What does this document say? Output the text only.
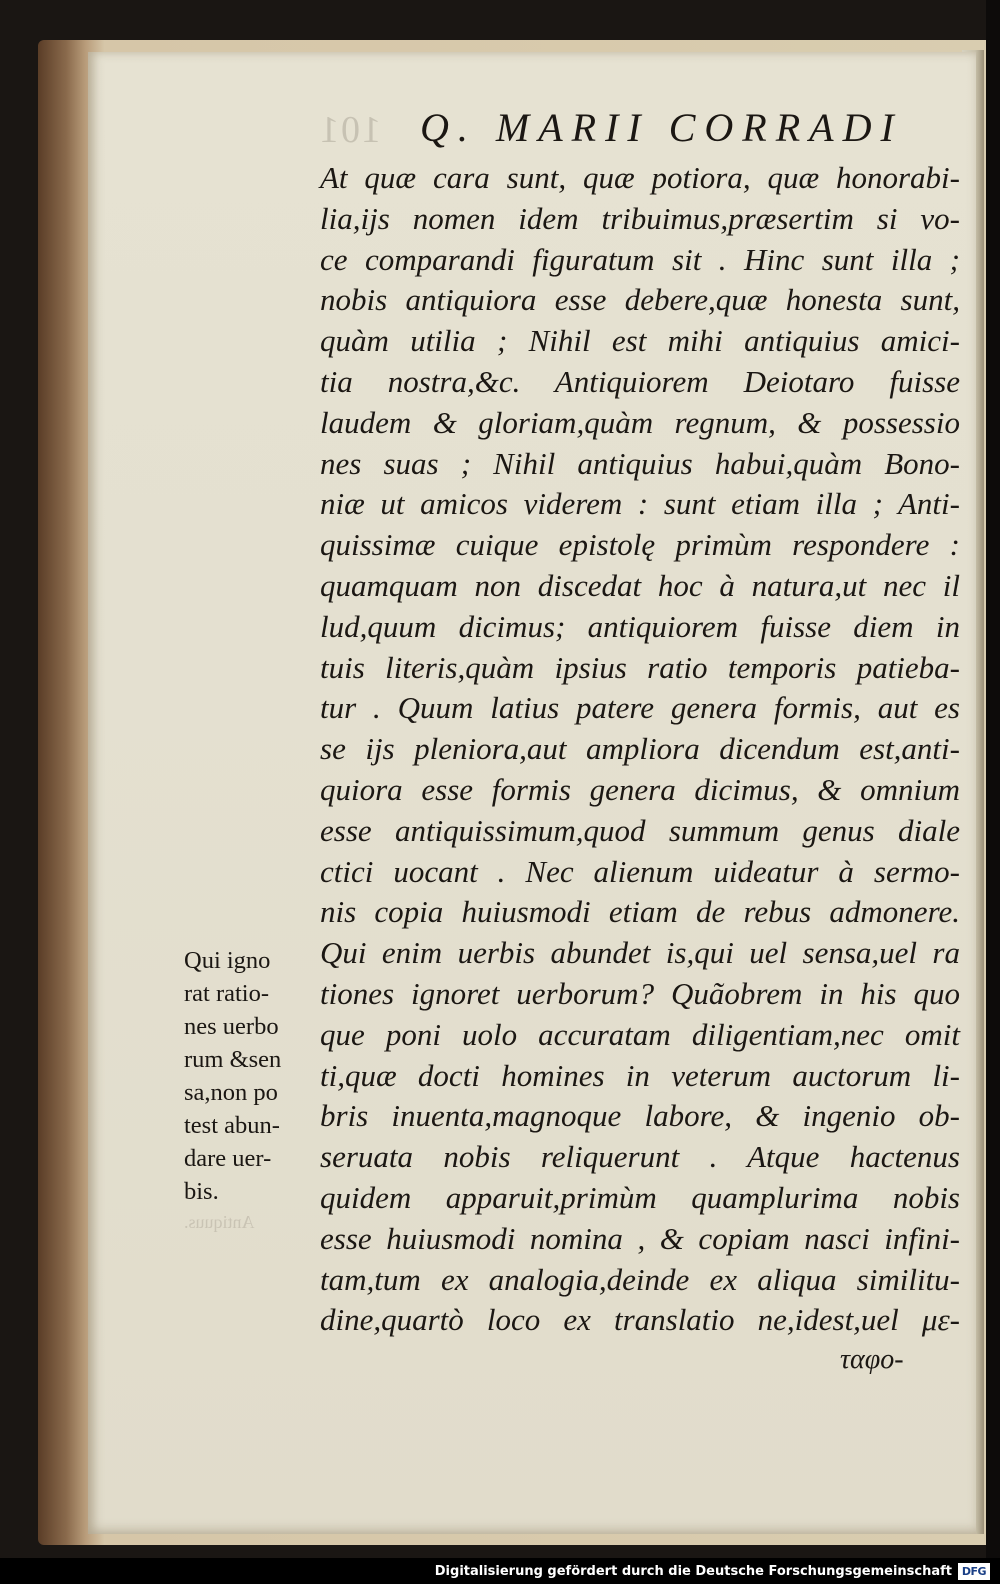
101 Q. MARII CORRADI
At quæ cara sunt, quæ potiora, quæ honorabi-
lia,ijs nomen idem tribuimus,præsertim si vo-
ce comparandi figuratum sit . Hinc sunt illa ;
nobis antiquiora esse debere,quæ honesta sunt,
quàm utilia ; Nihil est mihi antiquius amici-
tia nostra,&c. Antiquiorem Deiotaro fuisse
laudem & gloriam,quàm regnum, & possessio
nes suas ; Nihil antiquius habui,quàm Bono-
niæ ut amicos viderem : sunt etiam illa ; Anti-
quissimæ cuique epistolę primùm respondere :
quamquam non discedat hoc à natura,ut nec il
lud,quum dicimus; antiquiorem fuisse diem in
tuis literis,quàm ipsius ratio temporis patieba-
tur . Quum latius patere genera formis, aut es
se ijs pleniora,aut ampliora dicendum est,anti-
quiora esse formis genera dicimus, & omnium
esse antiquissimum,quod summum genus diale
ctici uocant . Nec alienum uideatur à sermo-
nis copia huiusmodi etiam de rebus admonere.
Qui enim uerbis abundet is,qui uel sensa,uel ra
tiones ignoret uerborum? Quãobrem in his quo
que poni uolo accuratam diligentiam,nec omit
ti,quæ docti homines in veterum auctorum li-
bris inuenta,magnoque labore, & ingenio ob-
seruata nobis reliquerunt . Atque hactenus
quidem apparuit,primùm quamplurima nobis
esse huiusmodi nomina , & copiam nasci infini-
tam,tum ex analogia,deinde ex aliqua similitu-
dine,quartò loco ex translatio ne,idest,uel με-
Qui igno
rat ratio-
nes uerbo
rum &sen
sa,non po
test abun-
dare uer-
bis.
Antiquus.
ταφο-
Digitalisierung gefördert durch die Deutsche Forschungsgemeinschaft DFG
